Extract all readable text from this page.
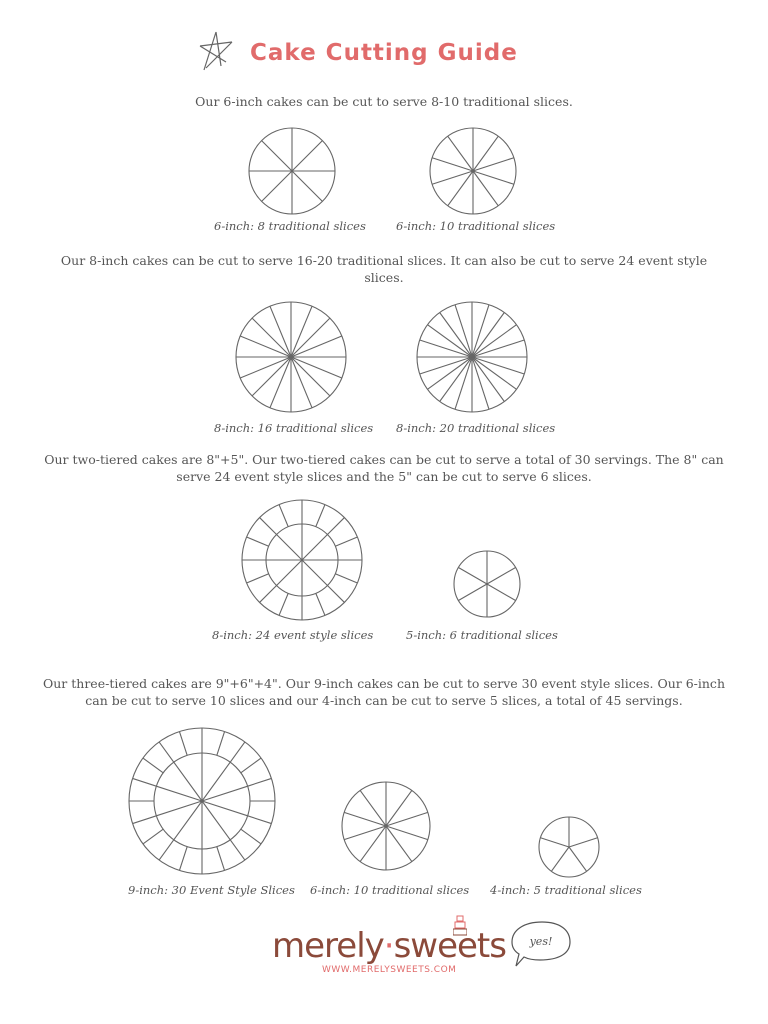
Cake Cutting Guide
Our 6-inch cakes can be cut to serve 8-10 traditional slices.
6-inch: 8 traditional slices	6-inch: 10 traditional slices
Our 8-inch cakes can be cut to serve 16-20 traditional slices. It can also be cut to serve 24 event style slices.
8-inch: 16 traditional slices 8-inch: 20 traditional slices
Our two-tiered cakes are 8"+5". Our two-tiered cakes can be cut to serve a total of 30 servings. The 8" can serve 24 event style slices and the 5" can be cut to serve 6 slices.
8-inch: 24 event style slices	5-inch: 6 traditional slices
Our three-tiered cakes are 9"+6"+4". Our 9-inch cakes can be cut to serve 30 event style slices. Our 6-inch can be cut to serve 10 slices and our 4-inch can be cut to serve 5 slices, a total of 45 servings.
9-inch: 30 Event Style Slices 6-inch: 10 traditional slices 4-inch: 5 traditional slices
merely·sweets
WWW.MERELYSWEETS.COM
yes!
